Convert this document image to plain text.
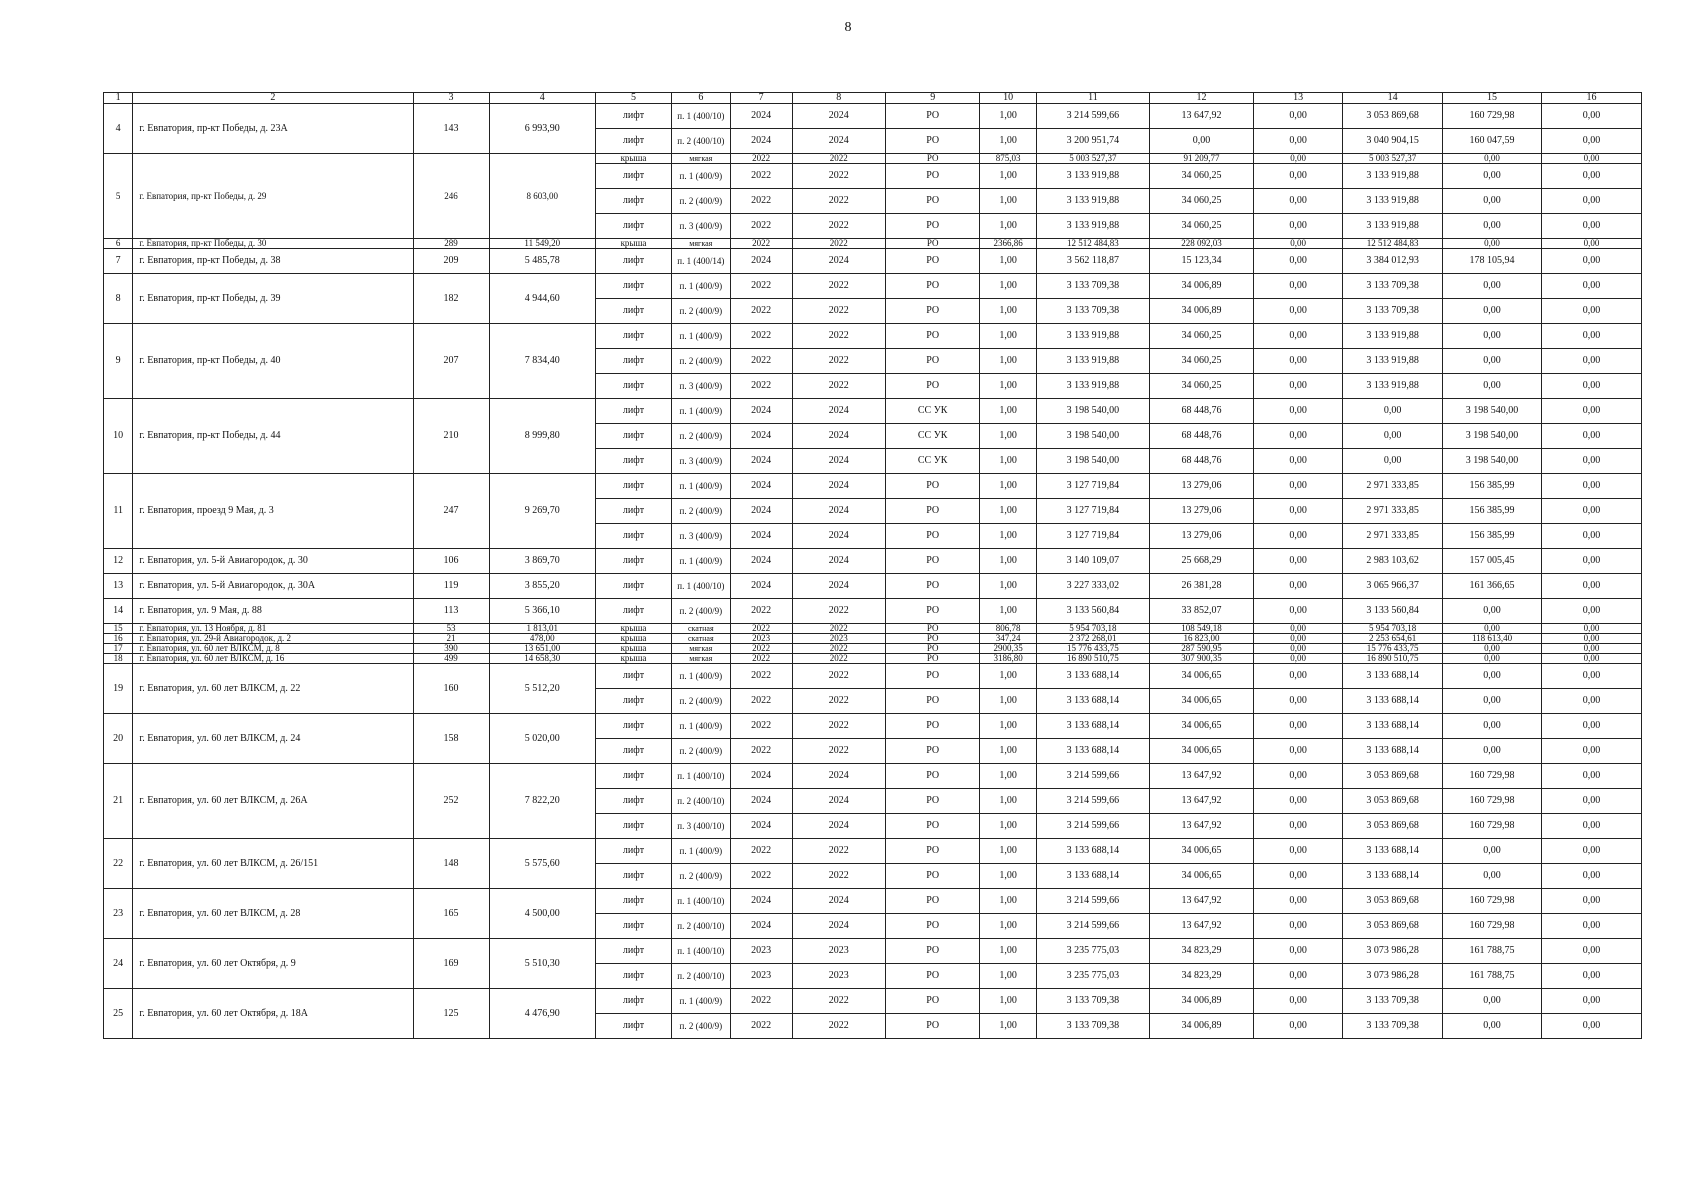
8
1	2	3	4	5	6	7	8	9	10	11	12	13	14	15	16
4	г. Евпатория, пр-кт Победы, д. 23А	143	6 993,90	лифт	п. 1 (400/10)	2024	2024	РО	1,00	3 214 599,66	13 647,92	0,00	3 053 869,68	160 729,98	0,00
				лифт	п. 2 (400/10)	2024	2024	РО	1,00	3 200 951,74	0,00	0,00	3 040 904,15	160 047,59	0,00
5	г. Евпатория, пр-кт Победы, д. 29	246	8 603,00	крыша	мягкая	2022	2022	РО	875,03	5 003 527,37	91 209,77	0,00	5 003 527,37	0,00	0,00
				лифт	п. 1 (400/9)	2022	2022	РО	1,00	3 133 919,88	34 060,25	0,00	3 133 919,88	0,00	0,00
				лифт	п. 2 (400/9)	2022	2022	РО	1,00	3 133 919,88	34 060,25	0,00	3 133 919,88	0,00	0,00
				лифт	п. 3 (400/9)	2022	2022	РО	1,00	3 133 919,88	34 060,25	0,00	3 133 919,88	0,00	0,00
6	г. Евпатория, пр-кт Победы, д. 30	289	11 549,20	крыша	мягкая	2022	2022	РО	2366,86	12 512 484,83	228 092,03	0,00	12 512 484,83	0,00	0,00
7	г. Евпатория, пр-кт Победы, д. 38	209	5 485,78	лифт	п. 1 (400/14)	2024	2024	РО	1,00	3 562 118,87	15 123,34	0,00	3 384 012,93	178 105,94	0,00
8	г. Евпатория, пр-кт Победы, д. 39	182	4 944,60	лифт	п. 1 (400/9)	2022	2022	РО	1,00	3 133 709,38	34 006,89	0,00	3 133 709,38	0,00	0,00
				лифт	п. 2 (400/9)	2022	2022	РО	1,00	3 133 709,38	34 006,89	0,00	3 133 709,38	0,00	0,00
9	г. Евпатория, пр-кт Победы, д. 40	207	7 834,40	лифт	п. 1 (400/9)	2022	2022	РО	1,00	3 133 919,88	34 060,25	0,00	3 133 919,88	0,00	0,00
				лифт	п. 2 (400/9)	2022	2022	РО	1,00	3 133 919,88	34 060,25	0,00	3 133 919,88	0,00	0,00
				лифт	п. 3 (400/9)	2022	2022	РО	1,00	3 133 919,88	34 060,25	0,00	3 133 919,88	0,00	0,00
10	г. Евпатория, пр-кт Победы, д. 44	210	8 999,80	лифт	п. 1 (400/9)	2024	2024	СС УК	1,00	3 198 540,00	68 448,76	0,00	0,00	3 198 540,00	0,00
				лифт	п. 2 (400/9)	2024	2024	СС УК	1,00	3 198 540,00	68 448,76	0,00	0,00	3 198 540,00	0,00
				лифт	п. 3 (400/9)	2024	2024	СС УК	1,00	3 198 540,00	68 448,76	0,00	0,00	3 198 540,00	0,00
11	г. Евпатория, проезд 9 Мая, д. 3	247	9 269,70	лифт	п. 1 (400/9)	2024	2024	РО	1,00	3 127 719,84	13 279,06	0,00	2 971 333,85	156 385,99	0,00
				лифт	п. 2 (400/9)	2024	2024	РО	1,00	3 127 719,84	13 279,06	0,00	2 971 333,85	156 385,99	0,00
				лифт	п. 3 (400/9)	2024	2024	РО	1,00	3 127 719,84	13 279,06	0,00	2 971 333,85	156 385,99	0,00
12	г. Евпатория, ул. 5-й Авиагородок, д. 30	106	3 869,70	лифт	п. 1 (400/9)	2024	2024	РО	1,00	3 140 109,07	25 668,29	0,00	2 983 103,62	157 005,45	0,00
13	г. Евпатория, ул. 5-й Авиагородок, д. 30А	119	3 855,20	лифт	п. 1 (400/10)	2024	2024	РО	1,00	3 227 333,02	26 381,28	0,00	3 065 966,37	161 366,65	0,00
14	г. Евпатория, ул. 9 Мая, д. 88	113	5 366,10	лифт	п. 2 (400/9)	2022	2022	РО	1,00	3 133 560,84	33 852,07	0,00	3 133 560,84	0,00	0,00
15	г. Евпатория, ул. 13 Ноября, д. 81	53	1 813,01	крыша	скатная	2022	2022	РО	806,78	5 954 703,18	108 549,18	0,00	5 954 703,18	0,00	0,00
16	г. Евпатория, ул. 29-й Авиагородок, д. 2	21	478,00	крыша	скатная	2023	2023	РО	347,24	2 372 268,01	16 823,00	0,00	2 253 654,61	118 613,40	0,00
17	г. Евпатория, ул. 60 лет ВЛКСМ, д. 8	390	13 651,00	крыша	мягкая	2022	2022	РО	2900,35	15 776 433,75	287 590,95	0,00	15 776 433,75	0,00	0,00
18	г. Евпатория, ул. 60 лет ВЛКСМ, д. 16	499	14 658,30	крыша	мягкая	2022	2022	РО	3186,80	16 890 510,75	307 900,35	0,00	16 890 510,75	0,00	0,00
19	г. Евпатория, ул. 60 лет ВЛКСМ, д. 22	160	5 512,20	лифт	п. 1 (400/9)	2022	2022	РО	1,00	3 133 688,14	34 006,65	0,00	3 133 688,14	0,00	0,00
				лифт	п. 2 (400/9)	2022	2022	РО	1,00	3 133 688,14	34 006,65	0,00	3 133 688,14	0,00	0,00
20	г. Евпатория, ул. 60 лет ВЛКСМ, д. 24	158	5 020,00	лифт	п. 1 (400/9)	2022	2022	РО	1,00	3 133 688,14	34 006,65	0,00	3 133 688,14	0,00	0,00
				лифт	п. 2 (400/9)	2022	2022	РО	1,00	3 133 688,14	34 006,65	0,00	3 133 688,14	0,00	0,00
21	г. Евпатория, ул. 60 лет ВЛКСМ, д. 26А	252	7 822,20	лифт	п. 1 (400/10)	2024	2024	РО	1,00	3 214 599,66	13 647,92	0,00	3 053 869,68	160 729,98	0,00
				лифт	п. 2 (400/10)	2024	2024	РО	1,00	3 214 599,66	13 647,92	0,00	3 053 869,68	160 729,98	0,00
				лифт	п. 3 (400/10)	2024	2024	РО	1,00	3 214 599,66	13 647,92	0,00	3 053 869,68	160 729,98	0,00
22	г. Евпатория, ул. 60 лет ВЛКСМ, д. 26/151	148	5 575,60	лифт	п. 1 (400/9)	2022	2022	РО	1,00	3 133 688,14	34 006,65	0,00	3 133 688,14	0,00	0,00
				лифт	п. 2 (400/9)	2022	2022	РО	1,00	3 133 688,14	34 006,65	0,00	3 133 688,14	0,00	0,00
23	г. Евпатория, ул. 60 лет ВЛКСМ, д. 28	165	4 500,00	лифт	п. 1 (400/10)	2024	2024	РО	1,00	3 214 599,66	13 647,92	0,00	3 053 869,68	160 729,98	0,00
				лифт	п. 2 (400/10)	2024	2024	РО	1,00	3 214 599,66	13 647,92	0,00	3 053 869,68	160 729,98	0,00
24	г. Евпатория, ул. 60 лет Октября, д. 9	169	5 510,30	лифт	п. 1 (400/10)	2023	2023	РО	1,00	3 235 775,03	34 823,29	0,00	3 073 986,28	161 788,75	0,00
				лифт	п. 2 (400/10)	2023	2023	РО	1,00	3 235 775,03	34 823,29	0,00	3 073 986,28	161 788,75	0,00
25	г. Евпатория, ул. 60 лет Октября, д. 18А	125	4 476,90	лифт	п. 1 (400/9)	2022	2022	РО	1,00	3 133 709,38	34 006,89	0,00	3 133 709,38	0,00	0,00
				лифт	п. 2 (400/9)	2022	2022	РО	1,00	3 133 709,38	34 006,89	0,00	3 133 709,38	0,00	0,00
